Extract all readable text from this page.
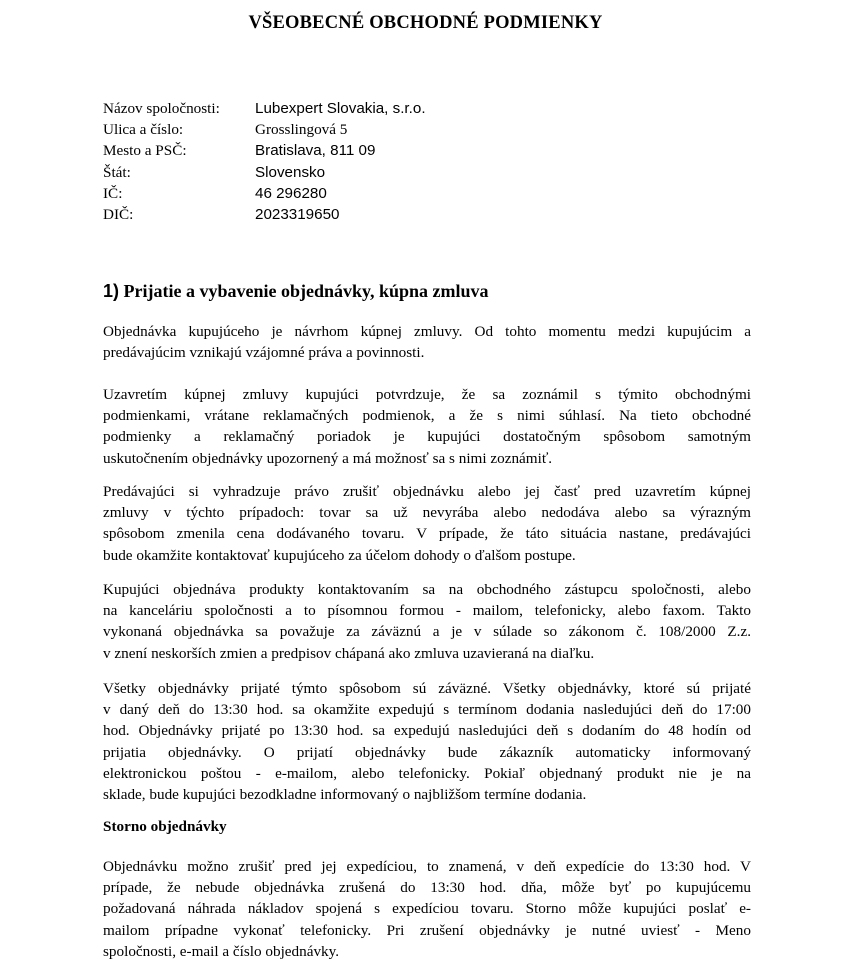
VŠEOBECNÉ OBCHODNÉ PODMIENKY
Názov spoločnosti: Lubexpert Slovakia, s.r.o.
Ulica a číslo:	Grosslingová 5
Mesto a PSČ:	Bratislava, 811 09
Štát:	Slovensko
IČ:	46 296280
DIČ:	2023319650
1) Prijatie a vybavenie objednávky, kúpna zmluva
Objednávka kupujúceho je návrhom kúpnej zmluvy. Od tohto momentu medzi kupujúcim a
predávajúcim vznikajú vzájomné práva a povinnosti.
Uzavretím kúpnej zmluvy kupujúci potvrdzuje, že sa zoznámil s týmito obchodnými
podmienkami, vrátane reklamačných podmienok, a že s nimi súhlasí. Na tieto obchodné
podmienky a reklamačný poriadok je kupujúci dostatočným spôsobom samotným
uskutočnením objednávky upozornený a má možnosť sa s nimi zoznámiť.
Predávajúci si vyhradzuje právo zrušiť objednávku alebo jej časť pred uzavretím kúpnej
zmluvy v týchto prípadoch: tovar sa už nevyrába alebo nedodáva alebo sa výrazným
spôsobom zmenila cena dodávaného tovaru. V prípade, že táto situácia nastane, predávajúci
bude okamžite kontaktovať kupujúceho za účelom dohody o ďalšom postupe.
Kupujúci objednáva produkty kontaktovaním sa na obchodného zástupcu spoločnosti, alebo
na kanceláriu spoločnosti a to písomnou formou - mailom, telefonicky, alebo faxom. Takto
vykonaná objednávka sa považuje za záväznú a je v súlade so zákonom č. 108/2000 Z.z.
v znení neskorších zmien a predpisov chápaná ako zmluva uzavieraná na diaľku.
Všetky objednávky prijaté týmto spôsobom sú záväzné. Všetky objednávky, ktoré sú prijaté
v daný deň do 13:30 hod. sa okamžite expedujú s termínom dodania nasledujúci deň do 17:00
hod. Objednávky prijaté po 13:30 hod. sa expedujú nasledujúci deň s dodaním do 48 hodín od
prijatia objednávky. O prijatí objednávky bude zákazník automaticky informovaný
elektronickou poštou - e-mailom, alebo telefonicky. Pokiaľ objednaný produkt nie je na
sklade, bude kupujúci bezodkladne informovaný o najbližšom termíne dodania.
Storno objednávky
Objednávku možno zrušiť pred jej expedíciou, to znamená, v deň expedície do 13:30 hod. V
prípade, že nebude objednávka zrušená do 13:30 hod. dňa, môže byť po kupujúcemu
požadovaná náhrada nákladov spojená s expedíciou tovaru. Storno môže kupujúci poslať e-
mailom prípadne vykonať telefonicky. Pri zrušení objednávky je nutné uviesť - Meno
spoločnosti, e-mail a číslo objednávky.
